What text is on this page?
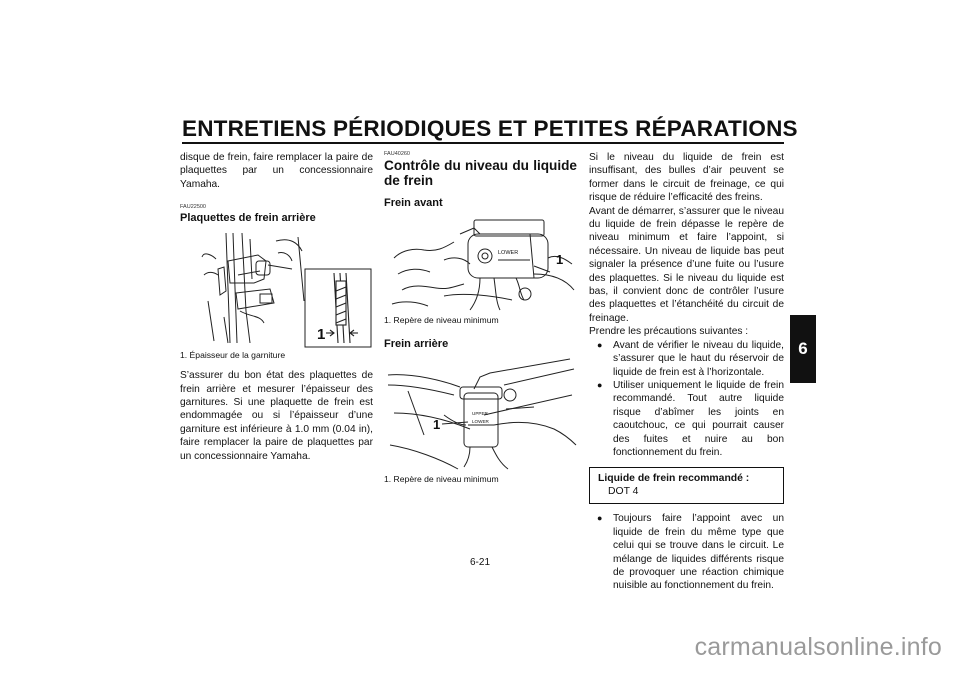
ENTRETIENS PÉRIODIQUES ET PETITES RÉPARATIONS
6

disque de frein, faire remplacer la paire de plaquettes par un concessionnaire Yamaha.

FAU22500

Plaquettes de frein arrière

1

1. Épaisseur de la garniture

S’assurer du bon état des plaquettes de frein arrière et mesurer l’épaisseur des garnitures. Si une plaquette de frein est endommagée ou si l’épaisseur d’une garniture est inférieure à 1.0 mm (0.04 in), faire remplacer la paire de plaquettes par un concessionnaire Yamaha.

FAU40260

Contrôle du niveau du liquide de frein

Frein avant

LOWER	1

1. Repère de niveau minimum

Frein arrière

UPPER
LOWER
1

1. Repère de niveau minimum

Si le niveau du liquide de frein est insuffisant, des bulles d’air peuvent se former dans le circuit de freinage, ce qui risque de réduire l’efficacité des freins.

Avant de démarrer, s’assurer que le niveau du liquide de frein dépasse le repère de niveau minimum et faire l’appoint, si nécessaire. Un niveau de liquide bas peut signaler la présence d’une fuite ou l’usure des plaquettes. Si le niveau du liquide est bas, il convient donc de contrôler l’usure des plaquettes et l’étanchéité du circuit de freinage.

Prendre les précautions suivantes :

●	Avant de vérifier le niveau du liquide, s’assurer que le haut du réservoir de liquide de frein est à l’horizontale.
●	Utiliser uniquement le liquide de frein recommandé. Tout autre liquide risque d’abîmer les joints en caoutchouc, ce qui pourrait causer des fuites et nuire au bon fonctionnement du frein.
Liquide de frein recommandé :
DOT 4
●	Toujours faire l’appoint avec un liquide de frein du même type que celui qui se trouve dans le circuit. Le mélange de liquides différents risque de provoquer une réaction chimique nuisible au fonctionnement du frein.
6-21
carmanualsonline.info
